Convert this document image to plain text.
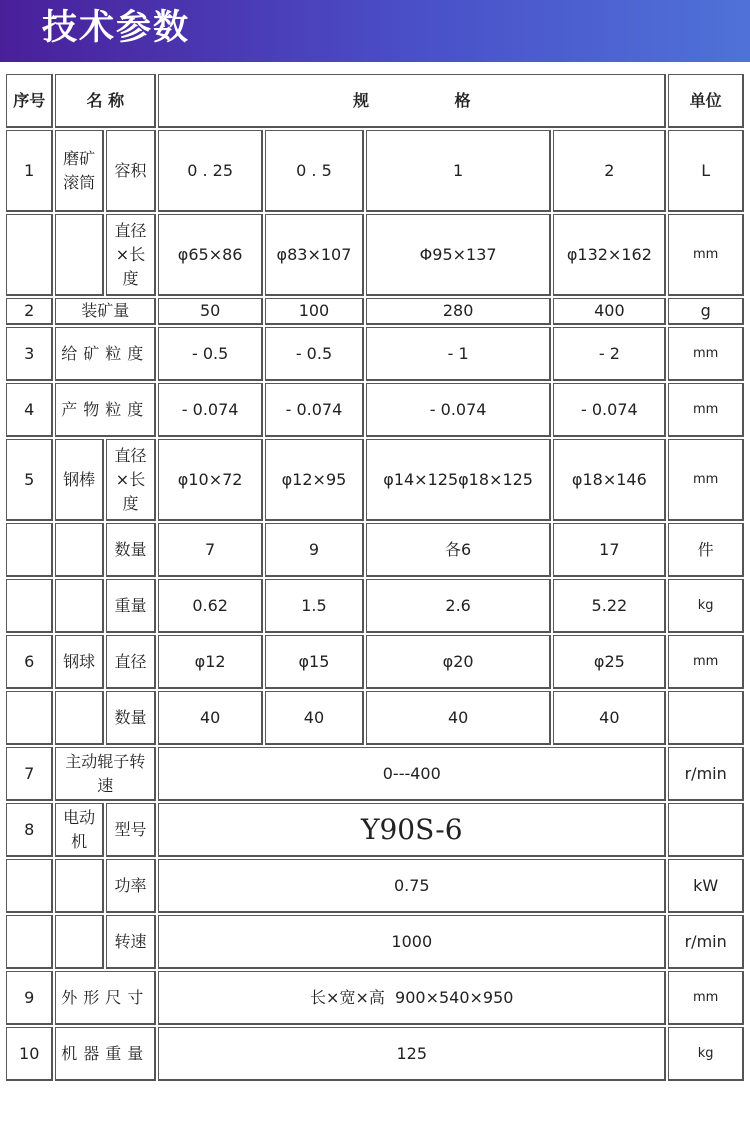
技术参数
序号	名 称		规 格				单位
1	磨矿滚筒	容积	0 . 25	0 . 5	1	2	L
		直径×长度	φ65×86	φ83×107	Φ95×137	φ132×162	mm
2	装矿量		50	100	280	400	g
3	给矿粒度		- 0.5	- 0.5	- 1	- 2	mm
4	产物粒度		- 0.074	- 0.074	- 0.074	- 0.074	mm
5	钢棒	直径×长度	φ10×72	φ12×95	φ14×125φ18×125	φ18×146	mm
		数量	7	9	各6	17	件
		重量	0.62	1.5	2.6	5.22	kg
6	钢球	直径	φ12	φ15	φ20	φ25	mm
		数量	40	40	40	40	
7	主动辊子转速		0---400				r/min
8	电动机	型号	Y90S-6				
		功率	0.75				kW
		转速	1000				r/min
9	外形尺寸		长×宽×高  900×540×950				mm
10	机器重量		125				kg
